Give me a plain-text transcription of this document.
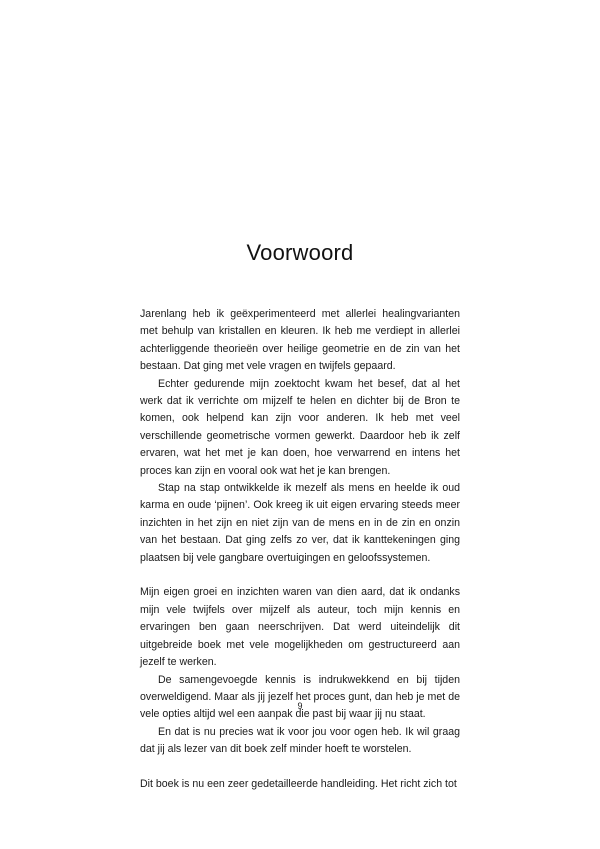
Voorwoord

Jarenlang heb ik geëxperimenteerd met allerlei healingvarianten met behulp van kristallen en kleuren. Ik heb me verdiept in allerlei achterliggende theorieën over heilige geometrie en de zin van het bestaan. Dat ging met vele vragen en twijfels gepaard.

Echter gedurende mijn zoektocht kwam het besef, dat al het werk dat ik verrichte om mijzelf te helen en dichter bij de Bron te komen, ook helpend kan zijn voor anderen. Ik heb met veel verschillende geometrische vormen gewerkt. Daardoor heb ik zelf ervaren, wat het met je kan doen, hoe verwarrend en intens het proces kan zijn en vooral ook wat het je kan brengen.

Stap na stap ontwikkelde ik mezelf als mens en heelde ik oud karma en oude ‘pijnen’. Ook kreeg ik uit eigen ervaring steeds meer inzichten in het zijn en niet zijn van de mens en in de zin en onzin van het bestaan. Dat ging zelfs zo ver, dat ik kanttekeningen ging plaatsen bij vele gangbare overtuigingen en geloofssystemen.

Mijn eigen groei en inzichten waren van dien aard, dat ik ondanks mijn vele twijfels over mijzelf als auteur, toch mijn kennis en ervaringen ben gaan neerschrijven. Dat werd uiteindelijk dit uitgebreide boek met vele mogelijkheden om gestructureerd aan jezelf te werken.

De samengevoegde kennis is indrukwekkend en bij tijden overweldigend. Maar als jij jezelf het proces gunt, dan heb je met de vele opties altijd wel een aanpak die past bij waar jij nu staat.

En dat is nu precies wat ik voor jou voor ogen heb. Ik wil graag dat jij als lezer van dit boek zelf minder hoeft te worstelen.

Dit boek is nu een zeer gedetailleerde handleiding. Het richt zich tot

9
